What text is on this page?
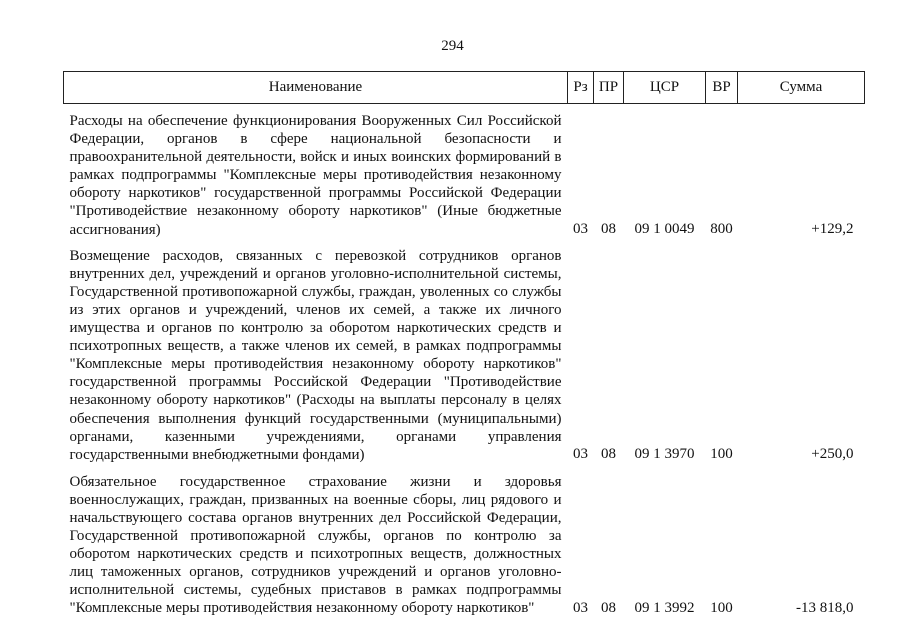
294
Наименование	Рз	ПР	ЦСР	ВР	Сумма
Расходы на обеспечение функционирования Вооруженных Сил Российской Федерации, органов в сфере национальной безопасности и правоохранительной деятельности, войск и иных воинских формирований в рамках подпрограммы "Комплексные меры противодействия незаконному обороту наркотиков" государственной программы Российской Федерации "Противодействие незаконному обороту наркотиков" (Иные бюджетные ассигнования)	03	08	09 1 0049	800	+129,2
Возмещение расходов, связанных с перевозкой сотрудников органов внутренних дел, учреждений и органов уголовно-исполнительной системы, Государственной противопожарной службы, граждан, уволенных со службы из этих органов и учреждений, членов их семей, а также их личного имущества и органов по контролю за оборотом наркотических средств и психотропных веществ, а также членов их семей, в рамках подпрограммы "Комплексные меры противодействия незаконному обороту наркотиков" государственной программы Российской Федерации "Противодействие незаконному обороту наркотиков" (Расходы на выплаты персоналу в целях обеспечения выполнения функций государственными (муниципальными) органами, казенными учреждениями, органами управления государственными внебюджетными фондами)	03	08	09 1 3970	100	+250,0
Обязательное государственное страхование жизни и здоровья военнослужащих, граждан, призванных на военные сборы, лиц рядового и начальствующего состава органов внутренних дел Российской Федерации, Государственной противопожарной службы, органов по контролю за оборотом наркотических средств и психотропных веществ, должностных лиц таможенных органов, сотрудников учреждений и органов уголовно-исполнительной системы, судебных приставов в рамках подпрограммы "Комплексные меры противодействия незаконному обороту наркотиков"	03	08	09 1 3992	100	-13 818,0
